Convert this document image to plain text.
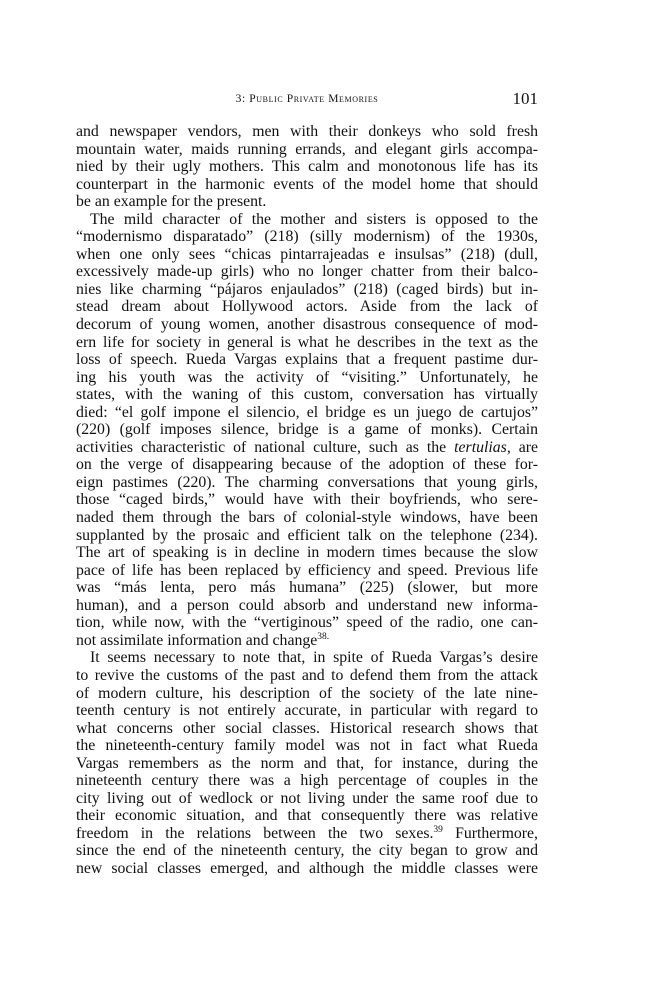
3: Public Private Memories	101
and newspaper vendors, men with their donkeys who sold fresh
mountain water, maids running errands, and elegant girls accompa-
nied by their ugly mothers. This calm and monotonous life has its
counterpart in the harmonic events of the model home that should
be an example for the present.
The mild character of the mother and sisters is opposed to the
“modernismo disparatado” (218) (silly modernism) of the 1930s,
when one only sees “chicas pintarrajeadas e insulsas” (218) (dull,
excessively made-up girls) who no longer chatter from their balco-
nies like charming “pájaros enjaulados” (218) (caged birds) but in-
stead dream about Hollywood actors. Aside from the lack of
decorum of young women, another disastrous consequence of mod-
ern life for society in general is what he describes in the text as the
loss of speech. Rueda Vargas explains that a frequent pastime dur-
ing his youth was the activity of “visiting.” Unfortunately, he
states, with the waning of this custom, conversation has virtually
died: “el golf impone el silencio, el bridge es un juego de cartujos”
(220) (golf imposes silence, bridge is a game of monks). Certain
activities characteristic of national culture, such as the tertulias, are
on the verge of disappearing because of the adoption of these for-
eign pastimes (220). The charming conversations that young girls,
those “caged birds,” would have with their boyfriends, who sere-
naded them through the bars of colonial-style windows, have been
supplanted by the prosaic and efficient talk on the telephone (234).
The art of speaking is in decline in modern times because the slow
pace of life has been replaced by efficiency and speed. Previous life
was “más lenta, pero más humana” (225) (slower, but more
human), and a person could absorb and understand new informa-
tion, while now, with the “vertiginous” speed of the radio, one can-
not assimilate information and change$^{38.}$
It seems necessary to note that, in spite of Rueda Vargas’s desire
to revive the customs of the past and to defend them from the attack
of modern culture, his description of the society of the late nine-
teenth century is not entirely accurate, in particular with regard to
what concerns other social classes. Historical research shows that
the nineteenth-century family model was not in fact what Rueda
Vargas remembers as the norm and that, for instance, during the
nineteenth century there was a high percentage of couples in the
city living out of wedlock or not living under the same roof due to
their economic situation, and that consequently there was relative
freedom in the relations between the two sexes.$^{39}$ Furthermore,
since the end of the nineteenth century, the city began to grow and
new social classes emerged, and although the middle classes were
